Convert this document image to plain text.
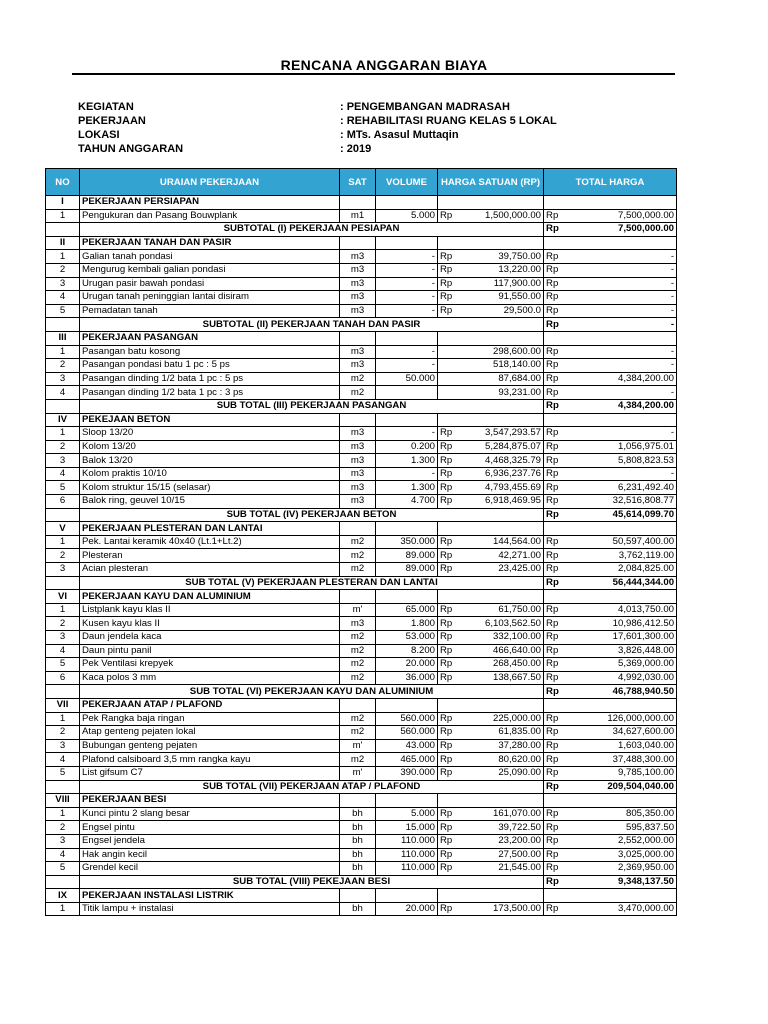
RENCANA ANGGARAN BIAYA
KEGIATAN	: PENGEMBANGAN MADRASAH
PEKERJAAN	: REHABILITASI RUANG KELAS 5 LOKAL
LOKASI	: MTs. Asasul Muttaqin
TAHUN ANGGARAN	: 2019
NO	URAIAN PEKERJAAN	SAT	VOLUME	HARGA SATUAN (RP)		TOTAL HARGA	
I	PEKERJAAN PERSIAPAN						
1	Pengukuran dan Pasang Bouwplank	m1	5.000	Rp	1,500,000.00	Rp	7,500,000.00
	SUBTOTAL (I) PEKERJAAN PESIAPAN					Rp	7,500,000.00
II	PEKERJAAN TANAH DAN PASIR						
1	Galian tanah pondasi	m3	-	Rp	39,750.00	Rp	-
2	Mengurug kembali galian pondasi	m3	-	Rp	13,220.00	Rp	-
3	Urugan pasir bawah pondasi	m3	-	Rp	117,900.00	Rp	-
4	Urugan tanah peninggian lantai disiram	m3	-	Rp	91,550.00	Rp	-
5	Pemadatan tanah	m3	-	Rp	29,500.0	Rp	-
	SUBTOTAL (II) PEKERJAAN TANAH DAN PASIR					Rp	-
III	PEKERJAAN PASANGAN						
1	Pasangan batu kosong	m3	-		298,600.00	Rp	-
2	Pasangan pondasi batu 1 pc : 5 ps	m3	-		518,140.00	Rp	-
3	Pasangan dinding 1/2 bata 1 pc : 5 ps	m2	50.000		87,684.00	Rp	4,384,200.00
4	Pasangan dinding 1/2 bata 1 pc : 3 ps	m2			93,231.00	Rp	-
	SUB TOTAL (III) PEKERJAAN PASANGAN					Rp	4,384,200.00
IV	PEKEJAAN BETON						
1	Sloop 13/20	m3	-	Rp	3,547,293.57	Rp	-
2	Kolom 13/20	m3	0.200	Rp	5,284,875.07	Rp	1,056,975.01
3	Balok 13/20	m3	1.300	Rp	4,468,325.79	Rp	5,808,823.53
4	Kolom praktis 10/10	m3	-	Rp	6,936,237.76	Rp	-
5	Kolom struktur 15/15 (selasar)	m3	1.300	Rp	4,793,455.69	Rp	6,231,492.40
6	Balok ring, geuvel 10/15	m3	4.700	Rp	6,918,469.95	Rp	32,516,808.77
	SUB TOTAL (IV) PEKERJAAN BETON					Rp	45,614,099.70
V	PEKERJAAN PLESTERAN DAN LANTAI						
1	Pek. Lantai keramik 40x40 (Lt.1+Lt.2)	m2	350.000	Rp	144,564.00	Rp	50,597,400.00
2	Plesteran	m2	89.000	Rp	42,271.00	Rp	3,762,119.00
3	Acian plesteran	m2	89.000	Rp	23,425.00	Rp	2,084,825.00
	SUB TOTAL (V) PEKERJAAN PLESTERAN DAN LANTAI					Rp	56,444,344.00
VI	PEKERJAAN KAYU DAN ALUMINIUM						
1	Listplank kayu klas II	m'	65.000	Rp	61,750.00	Rp	4,013,750.00
2	Kusen kayu klas II	m3	1.800	Rp	6,103,562.50	Rp	10,986,412.50
3	Daun jendela kaca	m2	53.000	Rp	332,100.00	Rp	17,601,300.00
4	Daun pintu panil	m2	8.200	Rp	466,640.00	Rp	3,826,448.00
5	Pek Ventilasi krepyek	m2	20.000	Rp	268,450.00	Rp	5,369,000.00
6	Kaca polos 3 mm	m2	36.000	Rp	138,667.50	Rp	4,992,030.00
	SUB TOTAL (VI) PEKERJAAN KAYU DAN ALUMINIUM					Rp	46,788,940.50
VII	PEKERJAAN ATAP / PLAFOND						
1	Pek Rangka baja ringan	m2	560.000	Rp	225,000.00	Rp	126,000,000.00
2	Atap genteng pejaten lokal	m2	560.000	Rp	61,835.00	Rp	34,627,600.00
3	Bubungan genteng pejaten	m'	43.000	Rp	37,280.00	Rp	1,603,040.00
4	Plafond calsiboard 3,5 mm rangka kayu	m2	465.000	Rp	80,620.00	Rp	37,488,300.00
5	List gifsum C7	m'	390.000	Rp	25,090.00	Rp	9,785,100.00
	SUB TOTAL (VII) PEKERJAAN ATAP / PLAFOND					Rp	209,504,040.00
VIII	PEKERJAAN BESI						
1	Kunci pintu 2 slang besar	bh	5.000	Rp	161,070.00	Rp	805,350.00
2	Engsel pintu	bh	15.000	Rp	39,722.50	Rp	595,837.50
3	Engsel jendela	bh	110.000	Rp	23,200.00	Rp	2,552,000.00
4	Hak angin kecil	bh	110.000	Rp	27,500.00	Rp	3,025,000.00
5	Grendel kecil	bh	110.000	Rp	21,545.00	Rp	2,369,950.00
	SUB TOTAL (VIII) PEKEJAAN BESI					Rp	9,348,137.50
IX	PEKERJAAN INSTALASI LISTRIK						
1	Titik lampu + instalasi	bh	20.000	Rp	173,500.00	Rp	3,470,000.00
